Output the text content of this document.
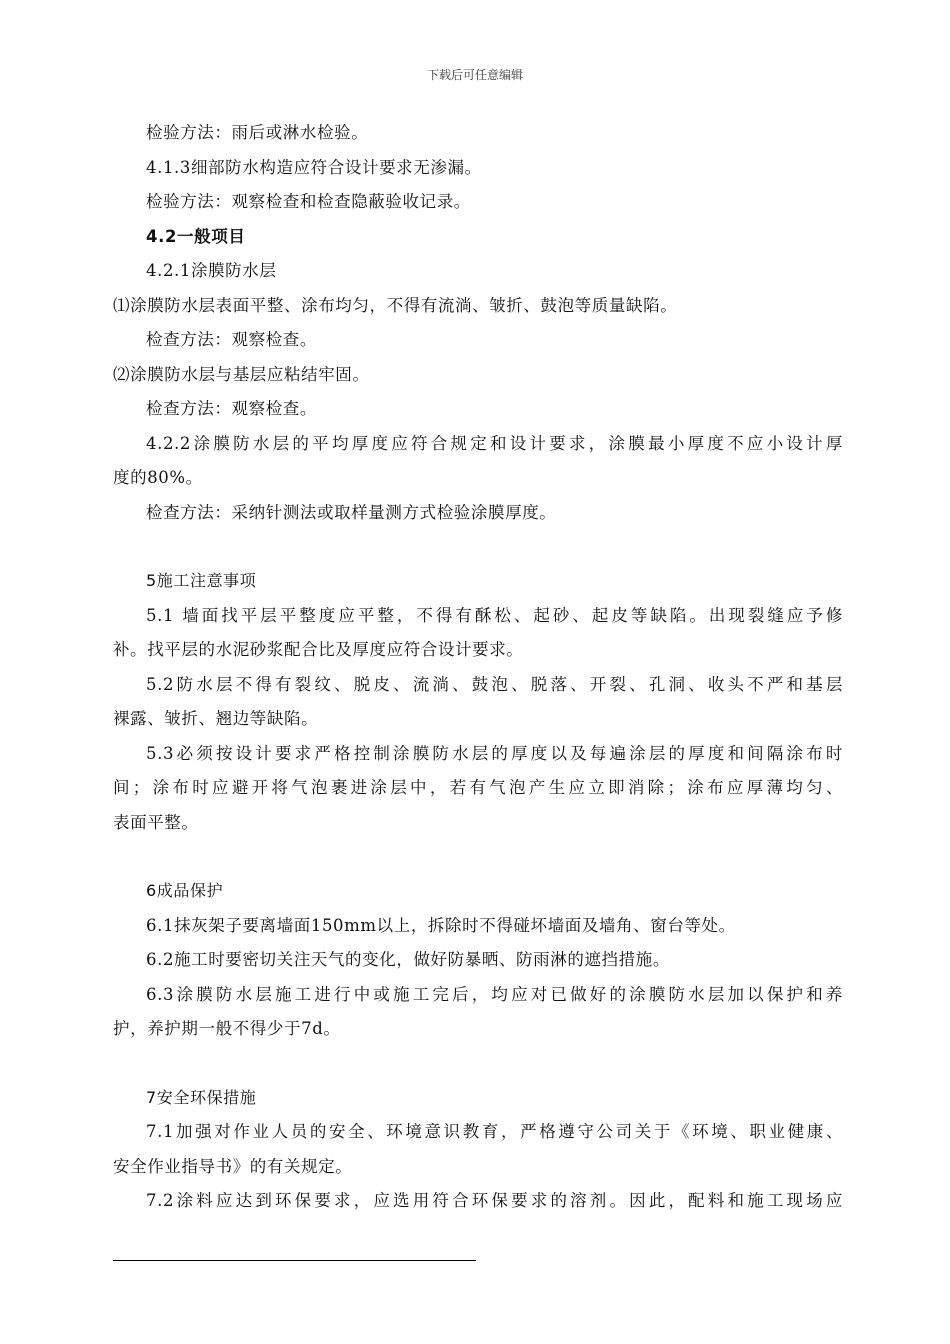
下载后可任意编辑

检验方法：雨后或淋水检验。

4.1.3细部防水构造应符合设计要求无渗漏。

检验方法：观察检查和检查隐蔽验收记录。

4.2一般项目

4.2.1涂膜防水层

⑴涂膜防水层表面平整、涂布均匀，不得有流淌、皱折、鼓泡等质量缺陷。

检查方法：观察检查。

⑵涂膜防水层与基层应粘结牢固。

检查方法：观察检查。

4.2.2涂膜防水层的平均厚度应符合规定和设计要求，涂膜最小厚度不应小设计厚

度的80%。

检查方法：采纳针测法或取样量测方式检验涂膜厚度。

5施工注意事项

5.1 墙面找平层平整度应平整，不得有酥松、起砂、起皮等缺陷。出现裂缝应予修

补。找平层的水泥砂浆配合比及厚度应符合设计要求。

5.2防水层不得有裂纹、脱皮、流淌、鼓泡、脱落、开裂、孔洞、收头不严和基层

裸露、皱折、翘边等缺陷。

5.3必须按设计要求严格控制涂膜防水层的厚度以及每遍涂层的厚度和间隔涂布时

间；涂布时应避开将气泡裹进涂层中，若有气泡产生应立即消除；涂布应厚薄均匀、

表面平整。

6成品保护

6.1抹灰架子要离墙面150mm以上，拆除时不得碰坏墙面及墙角、窗台等处。

6.2施工时要密切关注天气的变化，做好防暴晒、防雨淋的遮挡措施。

6.3涂膜防水层施工进行中或施工完后，均应对已做好的涂膜防水层加以保护和养

护，养护期一般不得少于7d。

7安全环保措施

7.1加强对作业人员的安全、环境意识教育，严格遵守公司关于《环境、职业健康、

安全作业指导书》的有关规定。

7.2涂料应达到环保要求，应选用符合环保要求的溶剂。因此，配料和施工现场应
